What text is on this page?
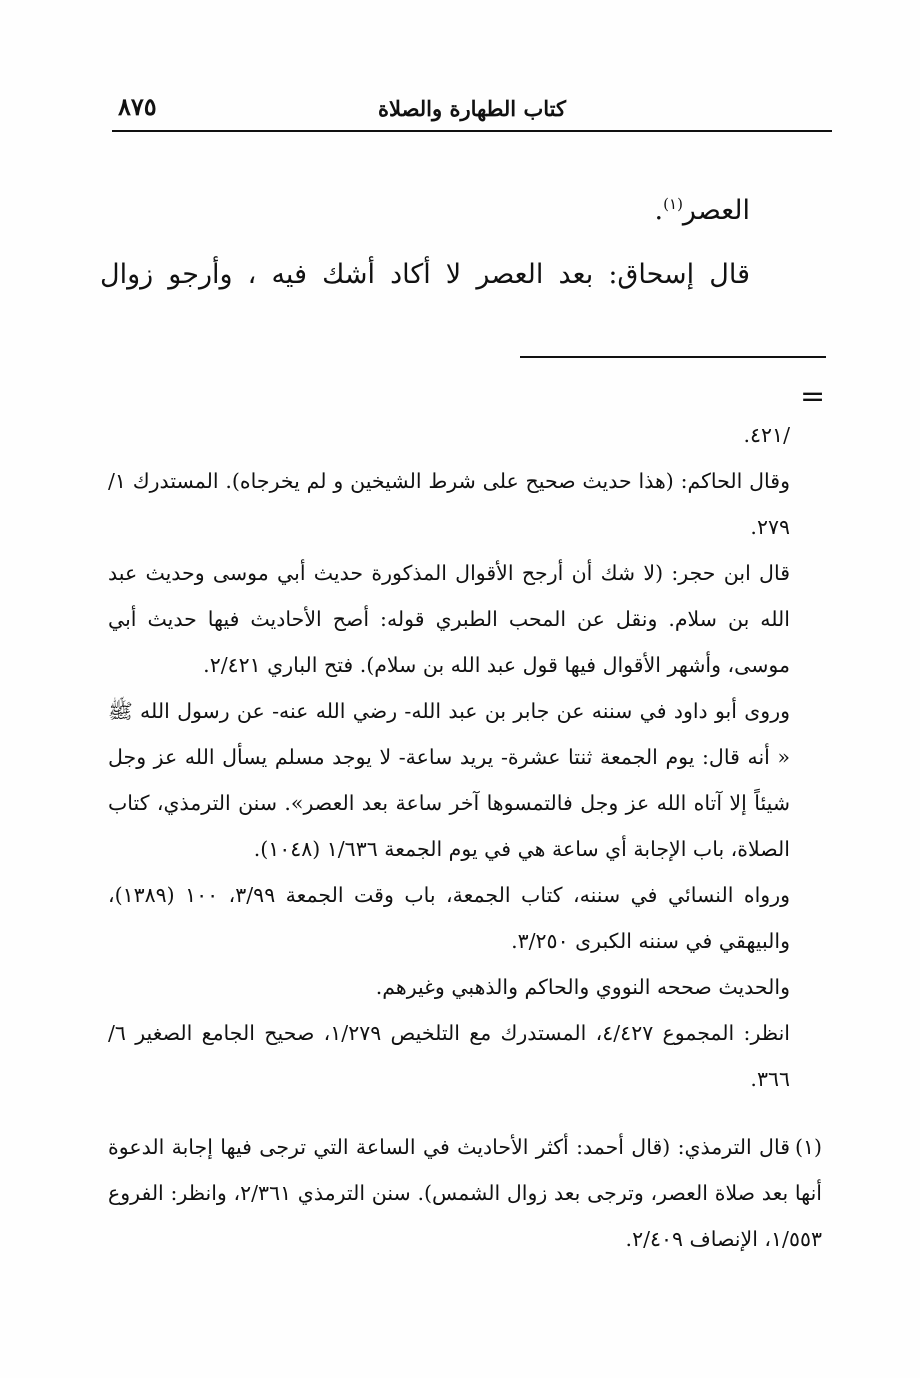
كتاب الطهارة والصلاة
٨٧٥

العصر$^{(١)}$.

قال إسحاق: بعد العصر لا أكاد أشك فيه ، وأرجو زوال

=

/٤٢١.

وقال الحاكم: (هذا حديث صحيح على شرط الشيخين و لم يخرجاه). المستدرك ١/ ٢٧٩.

قال ابن حجر: (لا شك أن أرجح الأقوال المذكورة حديث أبي موسى وحديث عبد الله بن سلام. ونقل عن المحب الطبري قوله: أصح الأحاديث فيها حديث أبي موسى، وأشهر الأقوال فيها قول عبد الله بن سلام). فتح الباري ٢/٤٢١.

وروى أبو داود في سننه عن جابر بن عبد الله- رضي الله عنه- عن رسول الله ﷺ « أنه قال: يوم الجمعة ثنتا عشرة- يريد ساعة- لا يوجد مسلم يسأل الله عز وجل شيئاً إلا آتاه الله عز وجل فالتمسوها آخر ساعة بعد العصر». سنن الترمذي، كتاب الصلاة، باب الإجابة أي ساعة هي في يوم الجمعة ١/٦٣٦ (١٠٤٨).

ورواه النسائي في سننه، كتاب الجمعة، باب وقت الجمعة ٣/٩٩، ١٠٠ (١٣٨٩)، والبيهقي في سننه الكبرى ٣/٢٥٠.

والحديث صححه النووي والحاكم والذهبي وغيرهم.

انظر: المجموع ٤/٤٢٧، المستدرك مع التلخيص ١/٢٧٩، صحيح الجامع الصغير ٦/ ٣٦٦.

(١)قال الترمذي: (قال أحمد: أكثر الأحاديث في الساعة التي ترجى فيها إجابة الدعوة أنها بعد صلاة العصر، وترجى بعد زوال الشمس). سنن الترمذي ٢/٣٦١، وانظر: الفروع ١/٥٥٣، الإنصاف ٢/٤٠٩.
